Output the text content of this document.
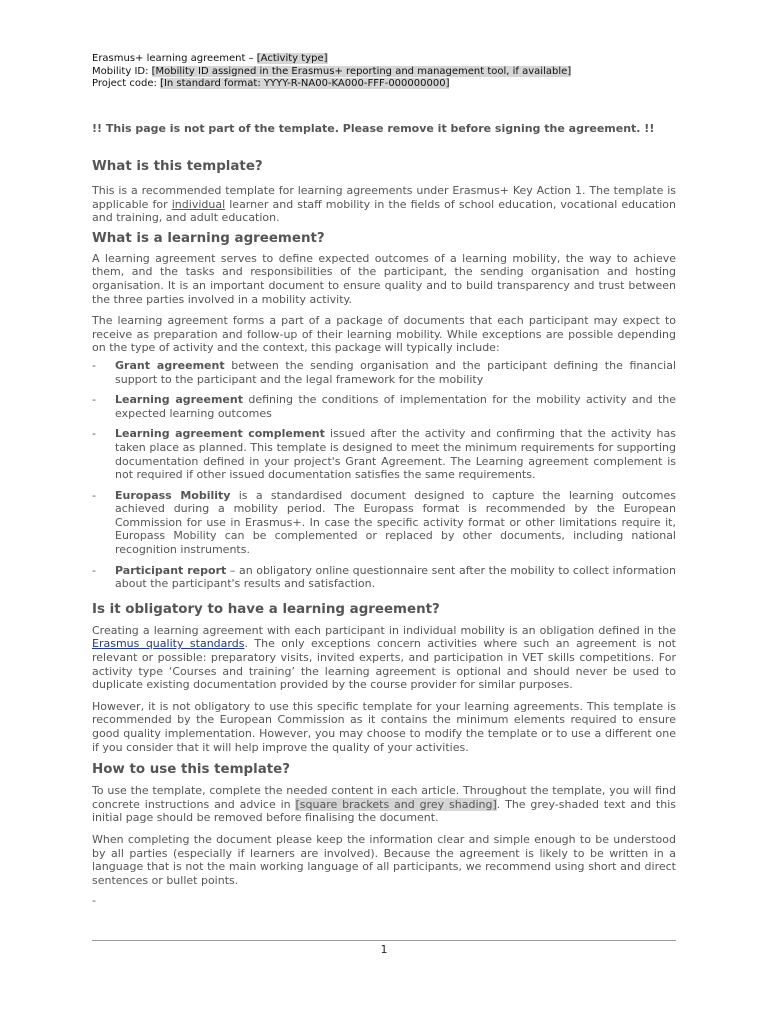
Erasmus+ learning agreement – [Activity type]
Mobility ID: [Mobility ID assigned in the Erasmus+ reporting and management tool, if available]
Project code: [In standard format: YYYY-R-NA00-KA000-FFF-000000000]
!! This page is not part of the template. Please remove it before signing the agreement. !!
What is this template?

This is a recommended template for learning agreements under Erasmus+ Key Action 1. The template is applicable for individual learner and staff mobility in the fields of school education, vocational education and training, and adult education.

What is a learning agreement?

A learning agreement serves to define expected outcomes of a learning mobility, the way to achieve them, and the tasks and responsibilities of the participant, the sending organisation and hosting organisation. It is an important document to ensure quality and to build transparency and trust between the three parties involved in a mobility activity.

The learning agreement forms a part of a package of documents that each participant may expect to receive as preparation and follow-up of their learning mobility. While exceptions are possible depending on the type of activity and the context, this package will typically include:

- Grant agreement between the sending organisation and the participant defining the financial support to the participant and the legal framework for the mobility
- Learning agreement defining the conditions of implementation for the mobility activity and the expected learning outcomes
- Learning agreement complement issued after the activity and confirming that the activity has taken place as planned. This template is designed to meet the minimum requirements for supporting documentation defined in your project's Grant Agreement. The Learning agreement complement is not required if other issued documentation satisfies the same requirements.
- Europass Mobility is a standardised document designed to capture the learning outcomes achieved during a mobility period. The Europass format is recommended by the European Commission for use in Erasmus+. In case the specific activity format or other limitations require it, Europass Mobility can be complemented or replaced by other documents, including national recognition instruments.
- Participant report – an obligatory online questionnaire sent after the mobility to collect information about the participant's results and satisfaction.
Is it obligatory to have a learning agreement?

Creating a learning agreement with each participant in individual mobility is an obligation defined in the Erasmus quality standards. The only exceptions concern activities where such an agreement is not relevant or possible: preparatory visits, invited experts, and participation in VET skills competitions. For activity type ‘Courses and training’ the learning agreement is optional and should never be used to duplicate existing documentation provided by the course provider for similar purposes.

However, it is not obligatory to use this specific template for your learning agreements. This template is recommended by the European Commission as it contains the minimum elements required to ensure good quality implementation. However, you may choose to modify the template or to use a different one if you consider that it will help improve the quality of your activities.

How to use this template?

To use the template, complete the needed content in each article. Throughout the template, you will find concrete instructions and advice in [square brackets and grey shading]. The grey-shaded text and this initial page should be removed before finalising the document.

When completing the document please keep the information clear and simple enough to be understood by all parties (especially if learners are involved). Because the agreement is likely to be written in a language that is not the main working language of all participants, we recommend using short and direct sentences or bullet points.

-
1
